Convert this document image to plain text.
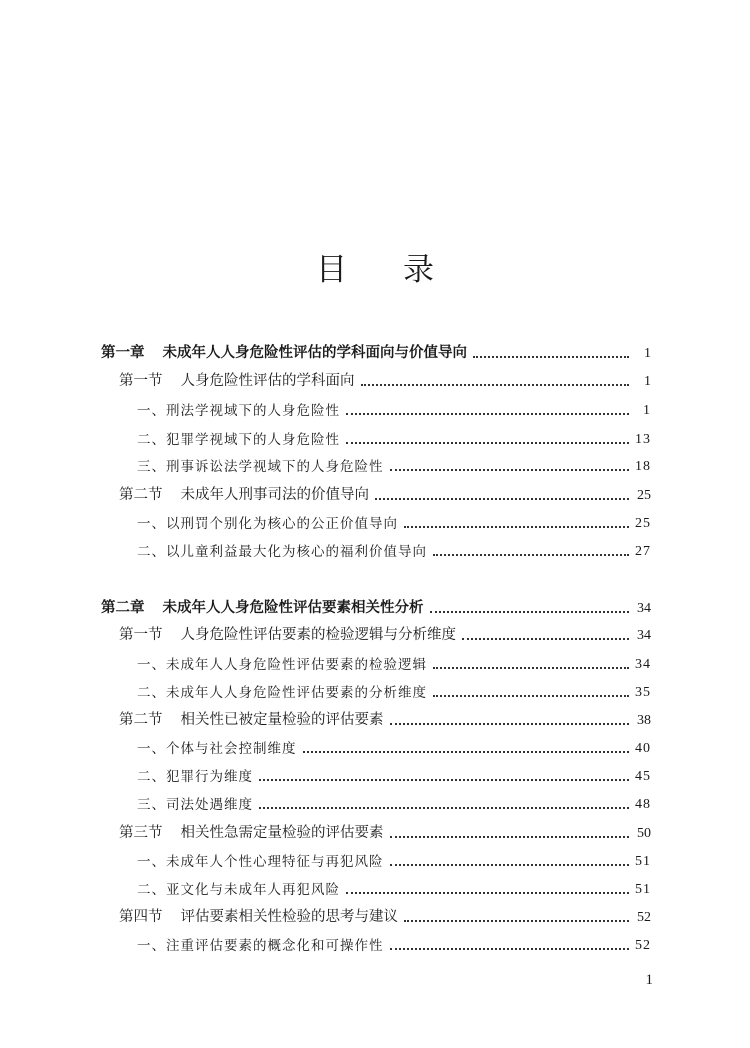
目 录
第一章 未成年人人身危险性评估的学科面向与价值导向	1
第一节 人身危险性评估的学科面向	1
一、刑法学视域下的人身危险性	1
二、犯罪学视域下的人身危险性	13
三、刑事诉讼法学视域下的人身危险性	18
第二节 未成年人刑事司法的价值导向	25
一、以刑罚个别化为核心的公正价值导向	25
二、以儿童利益最大化为核心的福利价值导向	27
第二章 未成年人人身危险性评估要素相关性分析	34
第一节 人身危险性评估要素的检验逻辑与分析维度	34
一、未成年人人身危险性评估要素的检验逻辑	34
二、未成年人人身危险性评估要素的分析维度	35
第二节 相关性已被定量检验的评估要素	38
一、个体与社会控制维度	40
二、犯罪行为维度	45
三、司法处遇维度	48
第三节 相关性急需定量检验的评估要素	50
一、未成年人个性心理特征与再犯风险	51
二、亚文化与未成年人再犯风险	51
第四节 评估要素相关性检验的思考与建议	52
一、注重评估要素的概念化和可操作性	52
1
